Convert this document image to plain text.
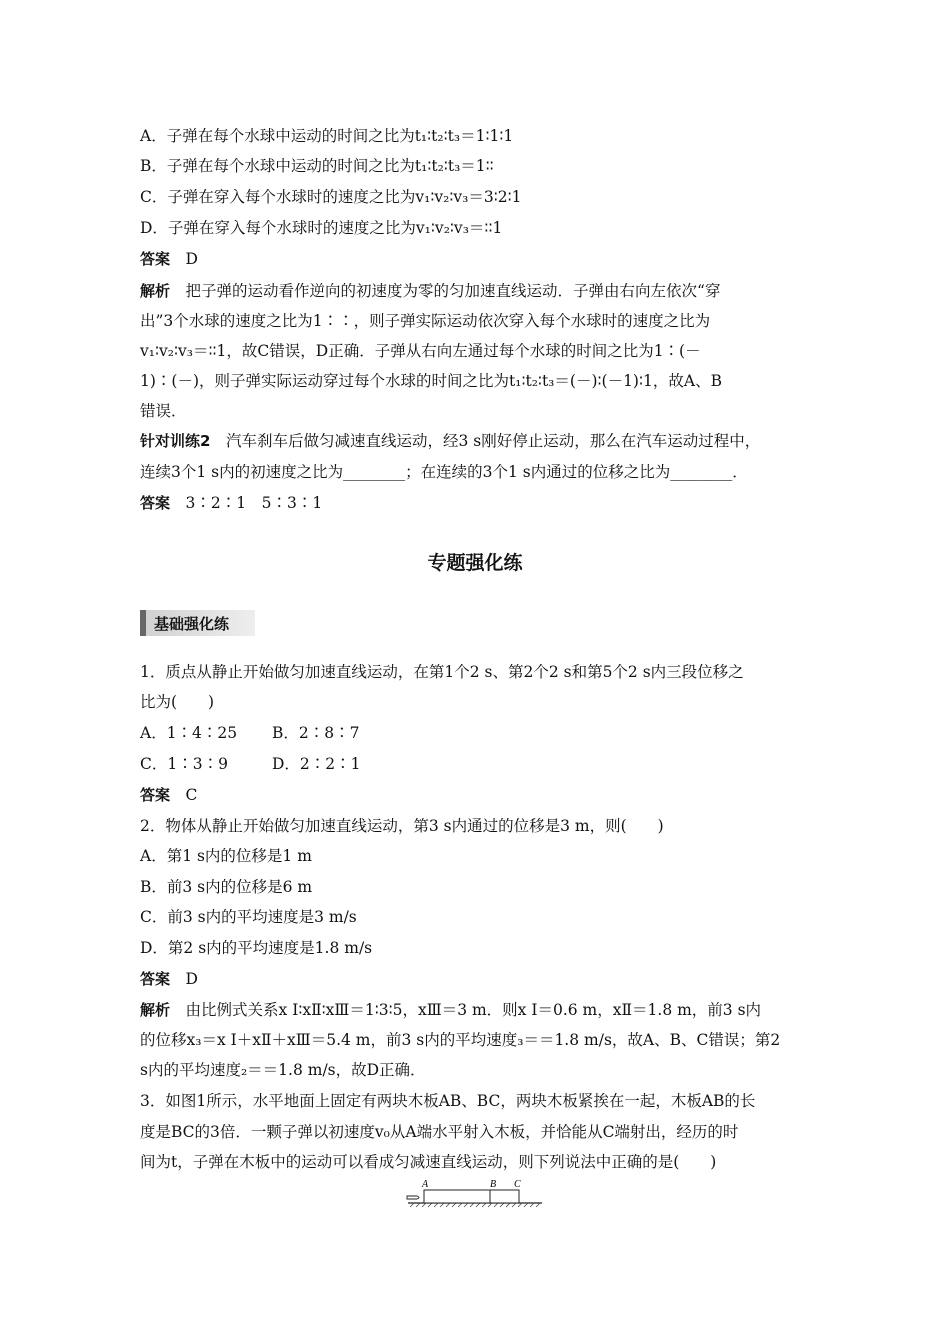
A．子弹在每个水球中运动的时间之比为t₁∶t₂∶t₃＝1∶1∶1
B．子弹在每个水球中运动的时间之比为t₁∶t₂∶t₃＝1∶∶
C．子弹在穿入每个水球时的速度之比为v₁∶v₂∶v₃＝3∶2∶1
D．子弹在穿入每个水球时的速度之比为v₁∶v₂∶v₃＝∶∶1
答案　 D
解析　 把子弹的运动看作逆向的初速度为零的匀加速直线运动．子弹由右向左依次“穿
出”3个水球的速度之比为1∶∶，则子弹实际运动依次穿入每个水球时的速度之比为
v₁∶v₂∶v₃＝∶∶1，故C错误，D正确．子弹从右向左通过每个水球的时间之比为1∶(－
1)∶(－)，则子弹实际运动穿过每个水球的时间之比为t₁∶t₂∶t₃＝(－)∶(－1)∶1，故A、B
错误．
针对训练2　 汽车刹车后做匀减速直线运动，经3 s刚好停止运动，那么在汽车运动过程中，
连续3个1 s内的初速度之比为________；在连续的3个1 s内通过的位移之比为________．
答案　 3∶2∶1　5∶3∶1
专题强化练
基础强化练
1．质点从静止开始做匀加速直线运动，在第1个2 s、第2个2 s和第5个2 s内三段位移之
比为(　　)
A．1∶4∶25 B．2∶8∶7
C．1∶3∶9	D．2∶2∶1
答案　 C
2．物体从静止开始做匀加速直线运动，第3 s内通过的位移是3 m，则(　　)
A．第1 s内的位移是1 m
B．前3 s内的位移是6 m
C．前3 s内的平均速度是3 m/s
D．第2 s内的平均速度是1.8 m/s
答案　 D
解析　 由比例式关系x Ⅰ∶xⅡ∶xⅢ＝1∶3∶5，xⅢ＝3 m．则x Ⅰ＝0.6 m，xⅡ＝1.8 m，前3 s内
的位移x₃＝x Ⅰ＋xⅡ＋xⅢ＝5.4 m，前3 s内的平均速度₃＝＝1.8 m/s，故A、B、C错误；第2
s内的平均速度₂＝＝1.8 m/s，故D正确．
3．如图1所示，水平地面上固定有两块木板AB、BC，两块木板紧挨在一起，木板AB的长
度是BC的3倍．一颗子弹以初速度v₀从A端水平射入木板，并恰能从C端射出，经历的时
间为t，子弹在木板中的运动可以看成匀减速直线运动，则下列说法中正确的是(　　)
A	B C
